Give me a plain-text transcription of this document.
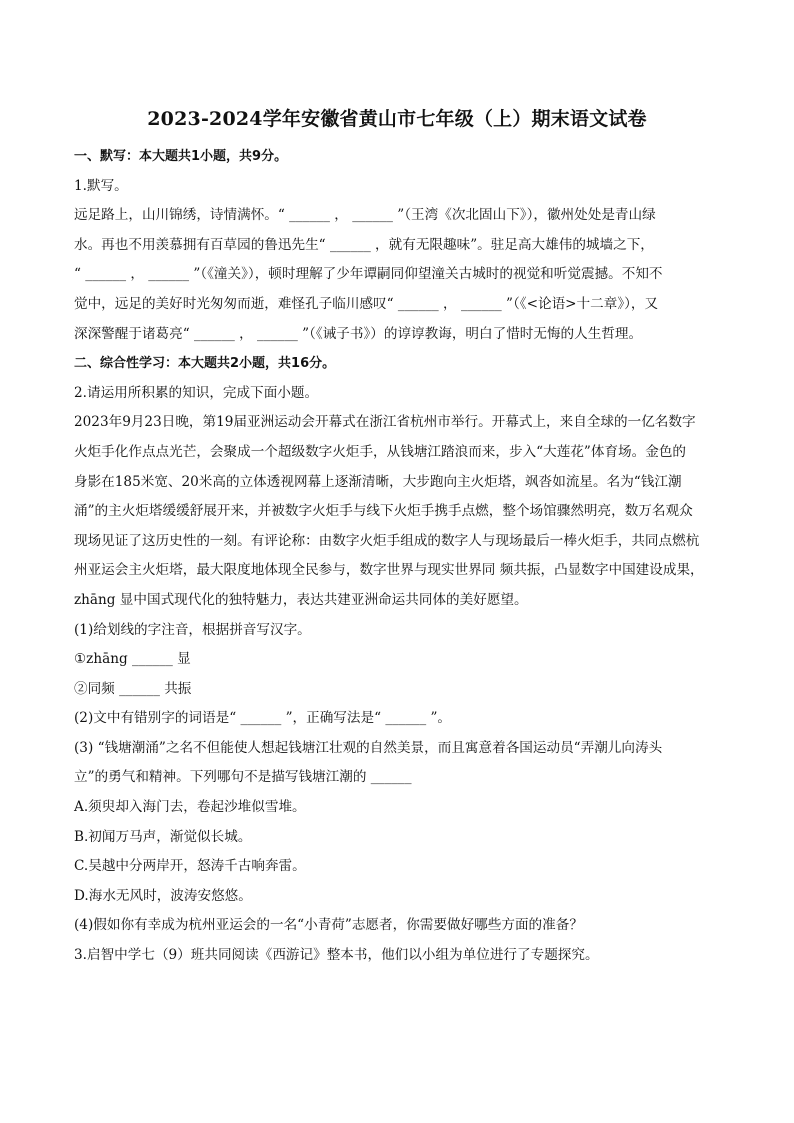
2023-2024学年安徽省黄山市七年级（上）期末语文试卷

一、默写：本大题共1小题，共9分。

1.默写。

远足路上，山川锦绣，诗情满怀。“ ______ ， ______ ”（王湾《次北固山下》），徽州处处是青山绿

水。再也不用羡慕拥有百草园的鲁迅先生“ ______ ，就有无限趣味”。驻足高大雄伟的城墙之下，

“ ______ ， ______ ”（《潼关》），顿时理解了少年谭嗣同仰望潼关古城时的视觉和听觉震撼。不知不

觉中，远足的美好时光匆匆而逝，难怪孔子临川感叹“ ______ ， ______ ”（《<论语>十二章》），又

深深警醒于诸葛亮“ ______ ， ______ ”（《诫子书》）的谆谆教诲，明白了惜时无悔的人生哲理。

二、综合性学习：本大题共2小题，共16分。

2.请运用所积累的知识，完成下面小题。

2023年9月23日晚，第19届亚洲运动会开幕式在浙江省杭州市举行。开幕式上，来自全球的一亿名数字

火炬手化作点点光芒，会聚成一个超级数字火炬手，从钱塘江踏浪而来，步入“大莲花”体育场。金色的

身影在185米宽、20米高的立体透视网幕上逐渐清晰，大步跑向主火炬塔，飒沓如流星。名为“钱江潮

涌”的主火炬塔缓缓舒展开来，并被数字火炬手与线下火炬手携手点燃，整个场馆骤然明亮，数万名观众

现场见证了这历史性的一刻。有评论称：由数字火炬手组成的数字人与现场最后一棒火炬手，共同点燃杭

州亚运会主火炬塔，最大限度地体现全民参与，数字世界与现实世界同 频共振，凸显数字中国建设成果，

zhāng 显中国式现代化的独特魅力，表达共建亚洲命运共同体的美好愿望。

(1)给划线的字注音，根据拼音写汉字。

①zhāng ______ 显

②同频 ______ 共振

(2)文中有错别字的词语是“ ______ ”，正确写法是“ ______ ”。

(3) “钱塘潮涌”之名不但能使人想起钱塘江壮观的自然美景，而且寓意着各国运动员“弄潮儿向涛头

立”的勇气和精神。下列哪句不是描写钱塘江潮的 ______

A.须臾却入海门去，卷起沙堆似雪堆。

B.初闻万马声，渐觉似长城。

C.吴越中分两岸开，怒涛千古响奔雷。

D.海水无风时，波涛安悠悠。

(4)假如你有幸成为杭州亚运会的一名“小青荷”志愿者，你需要做好哪些方面的准备？

3.启智中学七（9）班共同阅读《西游记》整本书，他们以小组为单位进行了专题探究。
